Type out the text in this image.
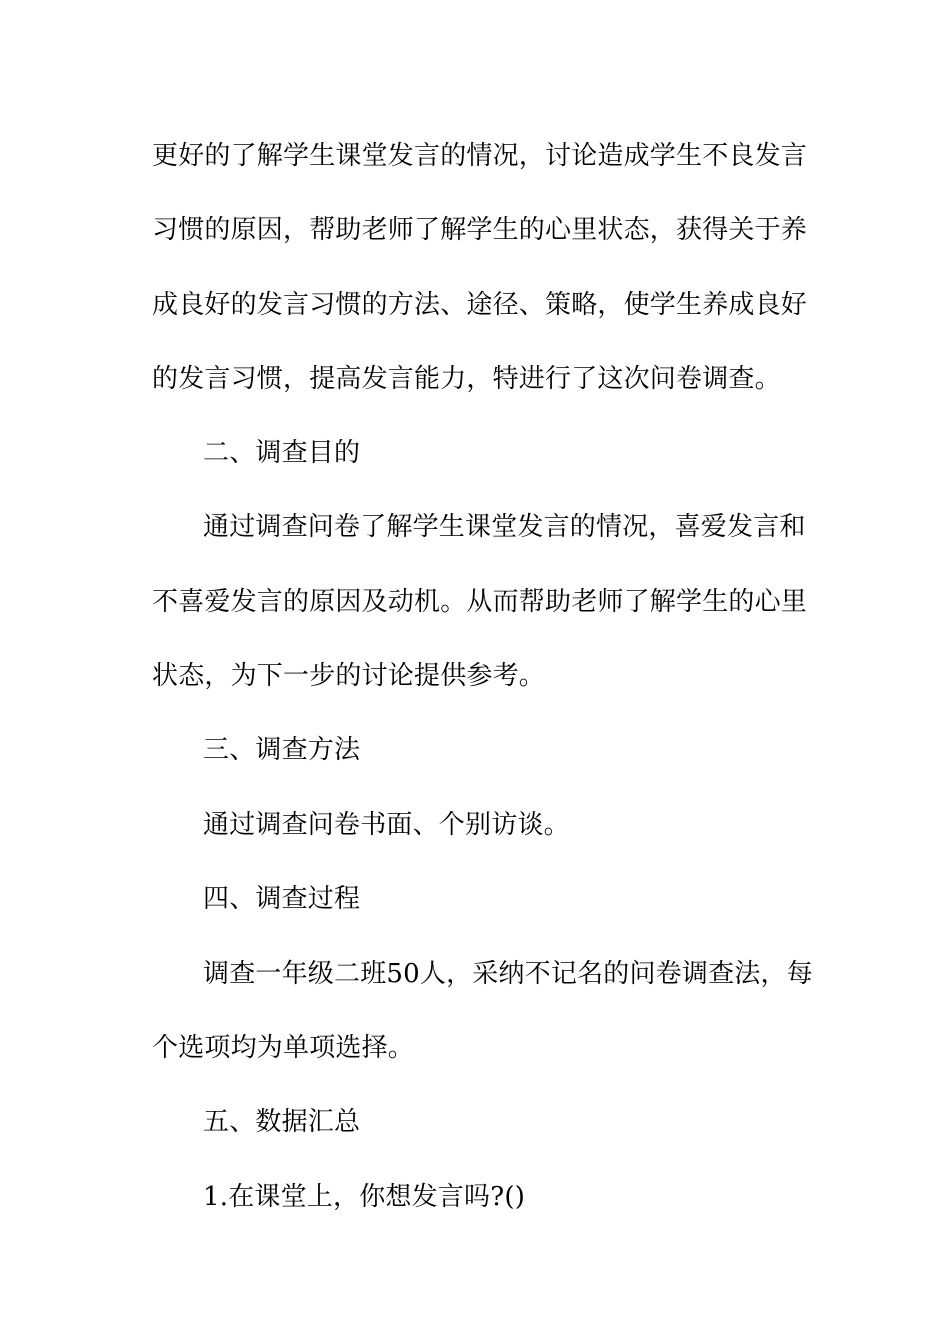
更好的了解学生课堂发言的情况，讨论造成学生不良发言
习惯的原因，帮助老师了解学生的心里状态，获得关于养
成良好的发言习惯的方法、途径、策略，使学生养成良好
的发言习惯，提高发言能力，特进行了这次问卷调查。
二、调查目的
通过调查问卷了解学生课堂发言的情况，喜爱发言和
不喜爱发言的原因及动机。从而帮助老师了解学生的心里
状态，为下一步的讨论提供参考。
三、调查方法
通过调查问卷书面、个别访谈。
四、调查过程
调查一年级二班50人，采纳不记名的问卷调查法，每
个选项均为单项选择。
五、数据汇总
1.在课堂上，你想发言吗?()
